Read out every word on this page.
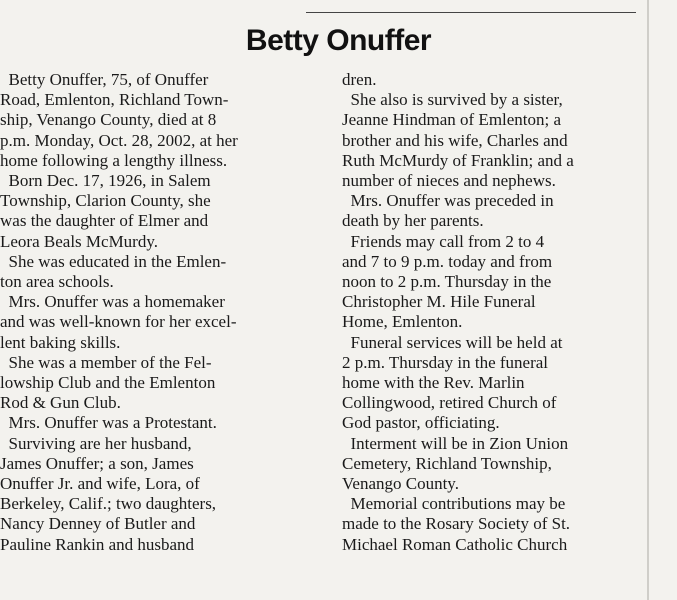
Betty Onuffer

Betty Onuffer, 75, of Onuffer

Road, Emlenton, Richland Town-

ship, Venango County, died at 8

p.m. Monday, Oct. 28, 2002, at her

home following a lengthy illness.

Born Dec. 17, 1926, in Salem

Township, Clarion County, she

was the daughter of Elmer and

Leora Beals McMurdy.

She was educated in the Emlen-

ton area schools.

Mrs. Onuffer was a homemaker

and was well-known for her excel-

lent baking skills.

She was a member of the Fel-

lowship Club and the Emlenton

Rod & Gun Club.

Mrs. Onuffer was a Protestant.

Surviving are her husband,

James Onuffer; a son, James

Onuffer Jr. and wife, Lora, of

Berkeley, Calif.; two daughters,

Nancy Denney of Butler and

Pauline Rankin and husband

dren.

She also is survived by a sister,

Jeanne Hindman of Emlenton; a

brother and his wife, Charles and

Ruth McMurdy of Franklin; and a

number of nieces and nephews.

Mrs. Onuffer was preceded in

death by her parents.

Friends may call from 2 to 4

and 7 to 9 p.m. today and from

noon to 2 p.m. Thursday in the

Christopher M. Hile Funeral

Home, Emlenton.

Funeral services will be held at

2 p.m. Thursday in the funeral

home with the Rev. Marlin

Collingwood, retired Church of

God pastor, officiating.

Interment will be in Zion Union

Cemetery, Richland Township,

Venango County.

Memorial contributions may be

made to the Rosary Society of St.

Michael Roman Catholic Church
